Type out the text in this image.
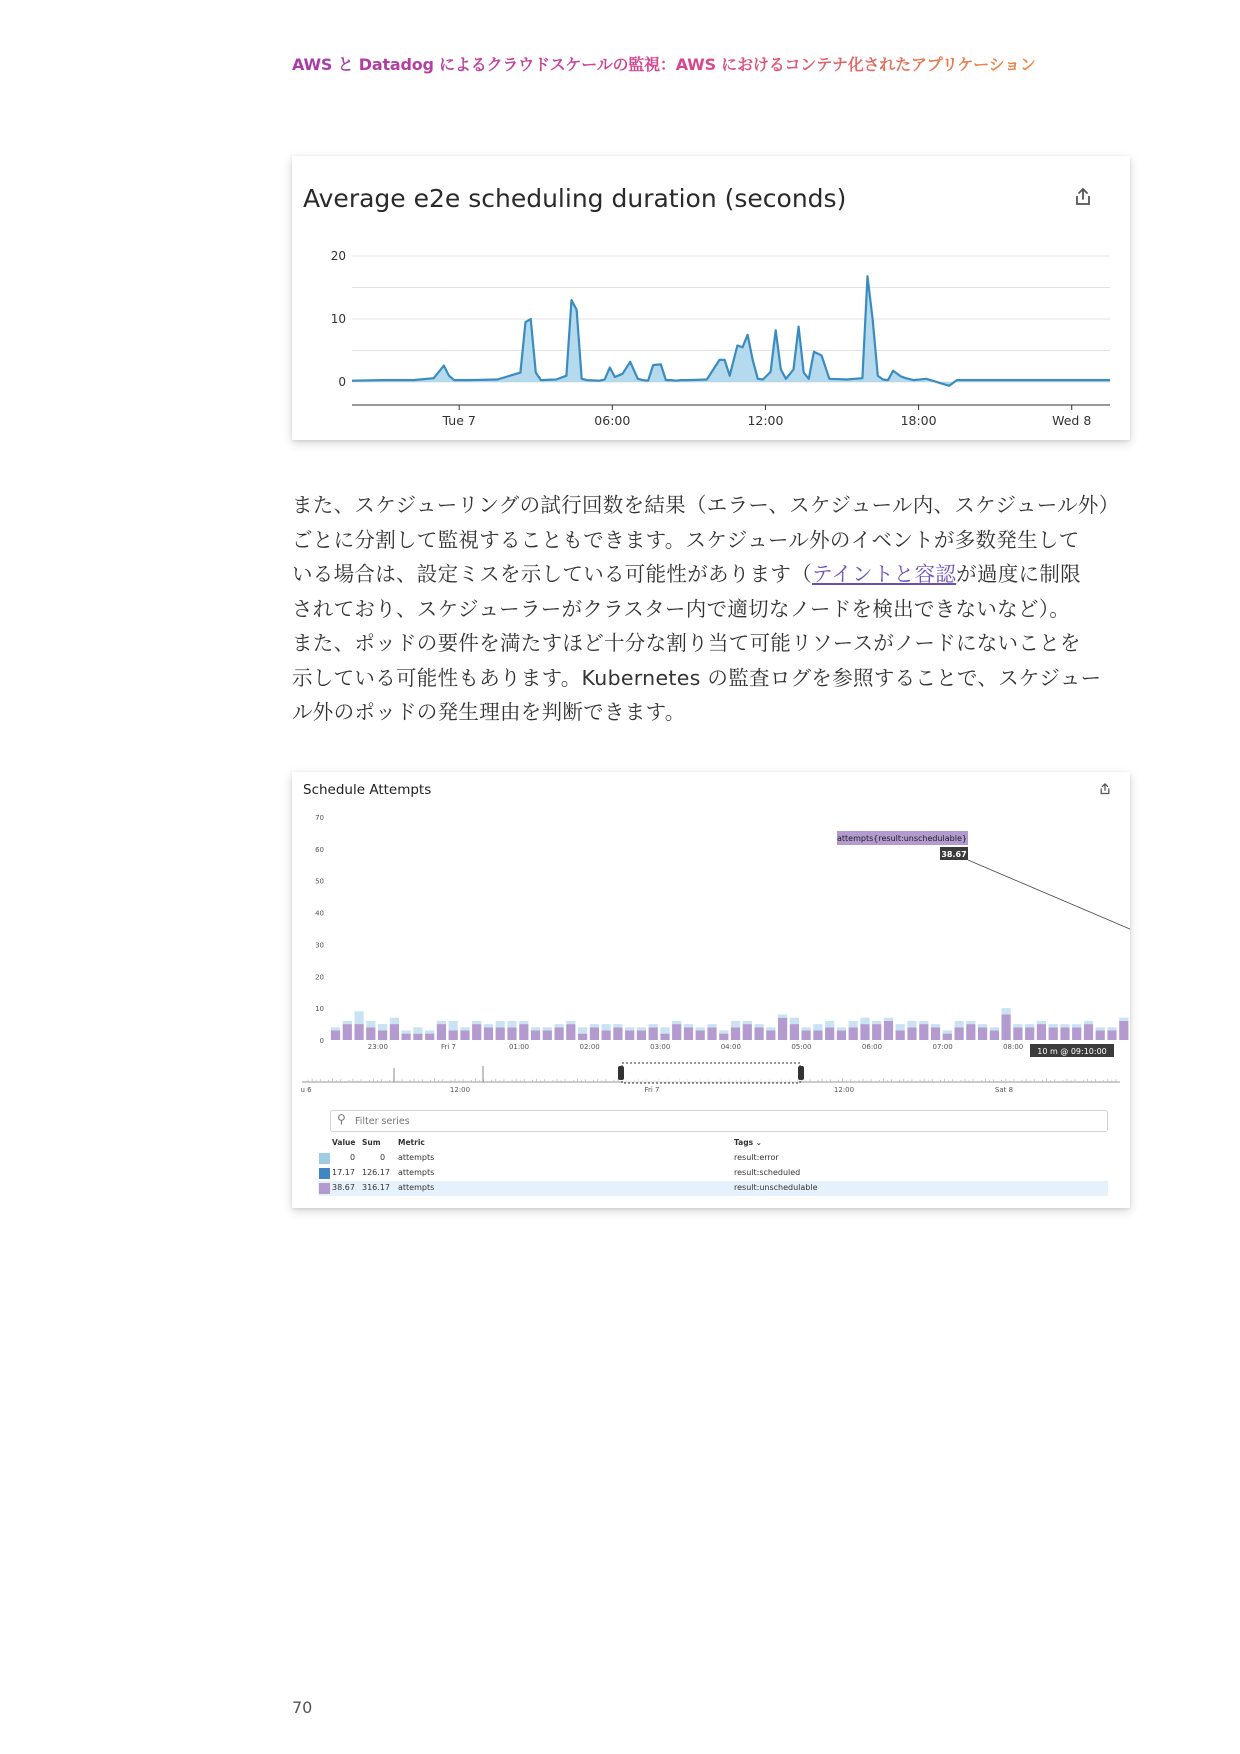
AWS と Datadog によるクラウドスケールの監視：AWS におけるコンテナ化されたアプリケーション
Average e2e scheduling duration (seconds)
20
10
0
Tue 7	06:00	12:00	18:00	Wed 8

また、スケジューリングの試行回数を結果（エラー、スケジュール内、スケジュール外）

ごとに分割して監視することもできます。スケジュール外のイベントが多数発生して

いる場合は、設定ミスを示している可能性があります（テイントと容認が過度に制限

されており、スケジューラーがクラスター内で適切なノードを検出できないなど）。

また、ポッドの要件を満たすほど十分な割り当て可能リソースがノードにないことを

示している可能性もあります。Kubernetes の監査ログを参照することで、スケジュー

ル外のポッドの発生理由を判断できます。

Schedule Attempts
70
60
50
40
30
20
10
0
23:00	Fri 7	01:00	02:00	03:00	04:00	05:00	06:00	07:00	08:00
attempts{result:unschedulable}
38.67
10 m @ 09:10:00
u 6	12:00	Fri 7	12:00	Sat 8
⚲
Filter series
Value Sum Metric	Tags ⌄
0	0 attempts	result:error
17.17 126.17 attempts	result:scheduled
38.67 316.17 attempts	result:unschedulable
70
